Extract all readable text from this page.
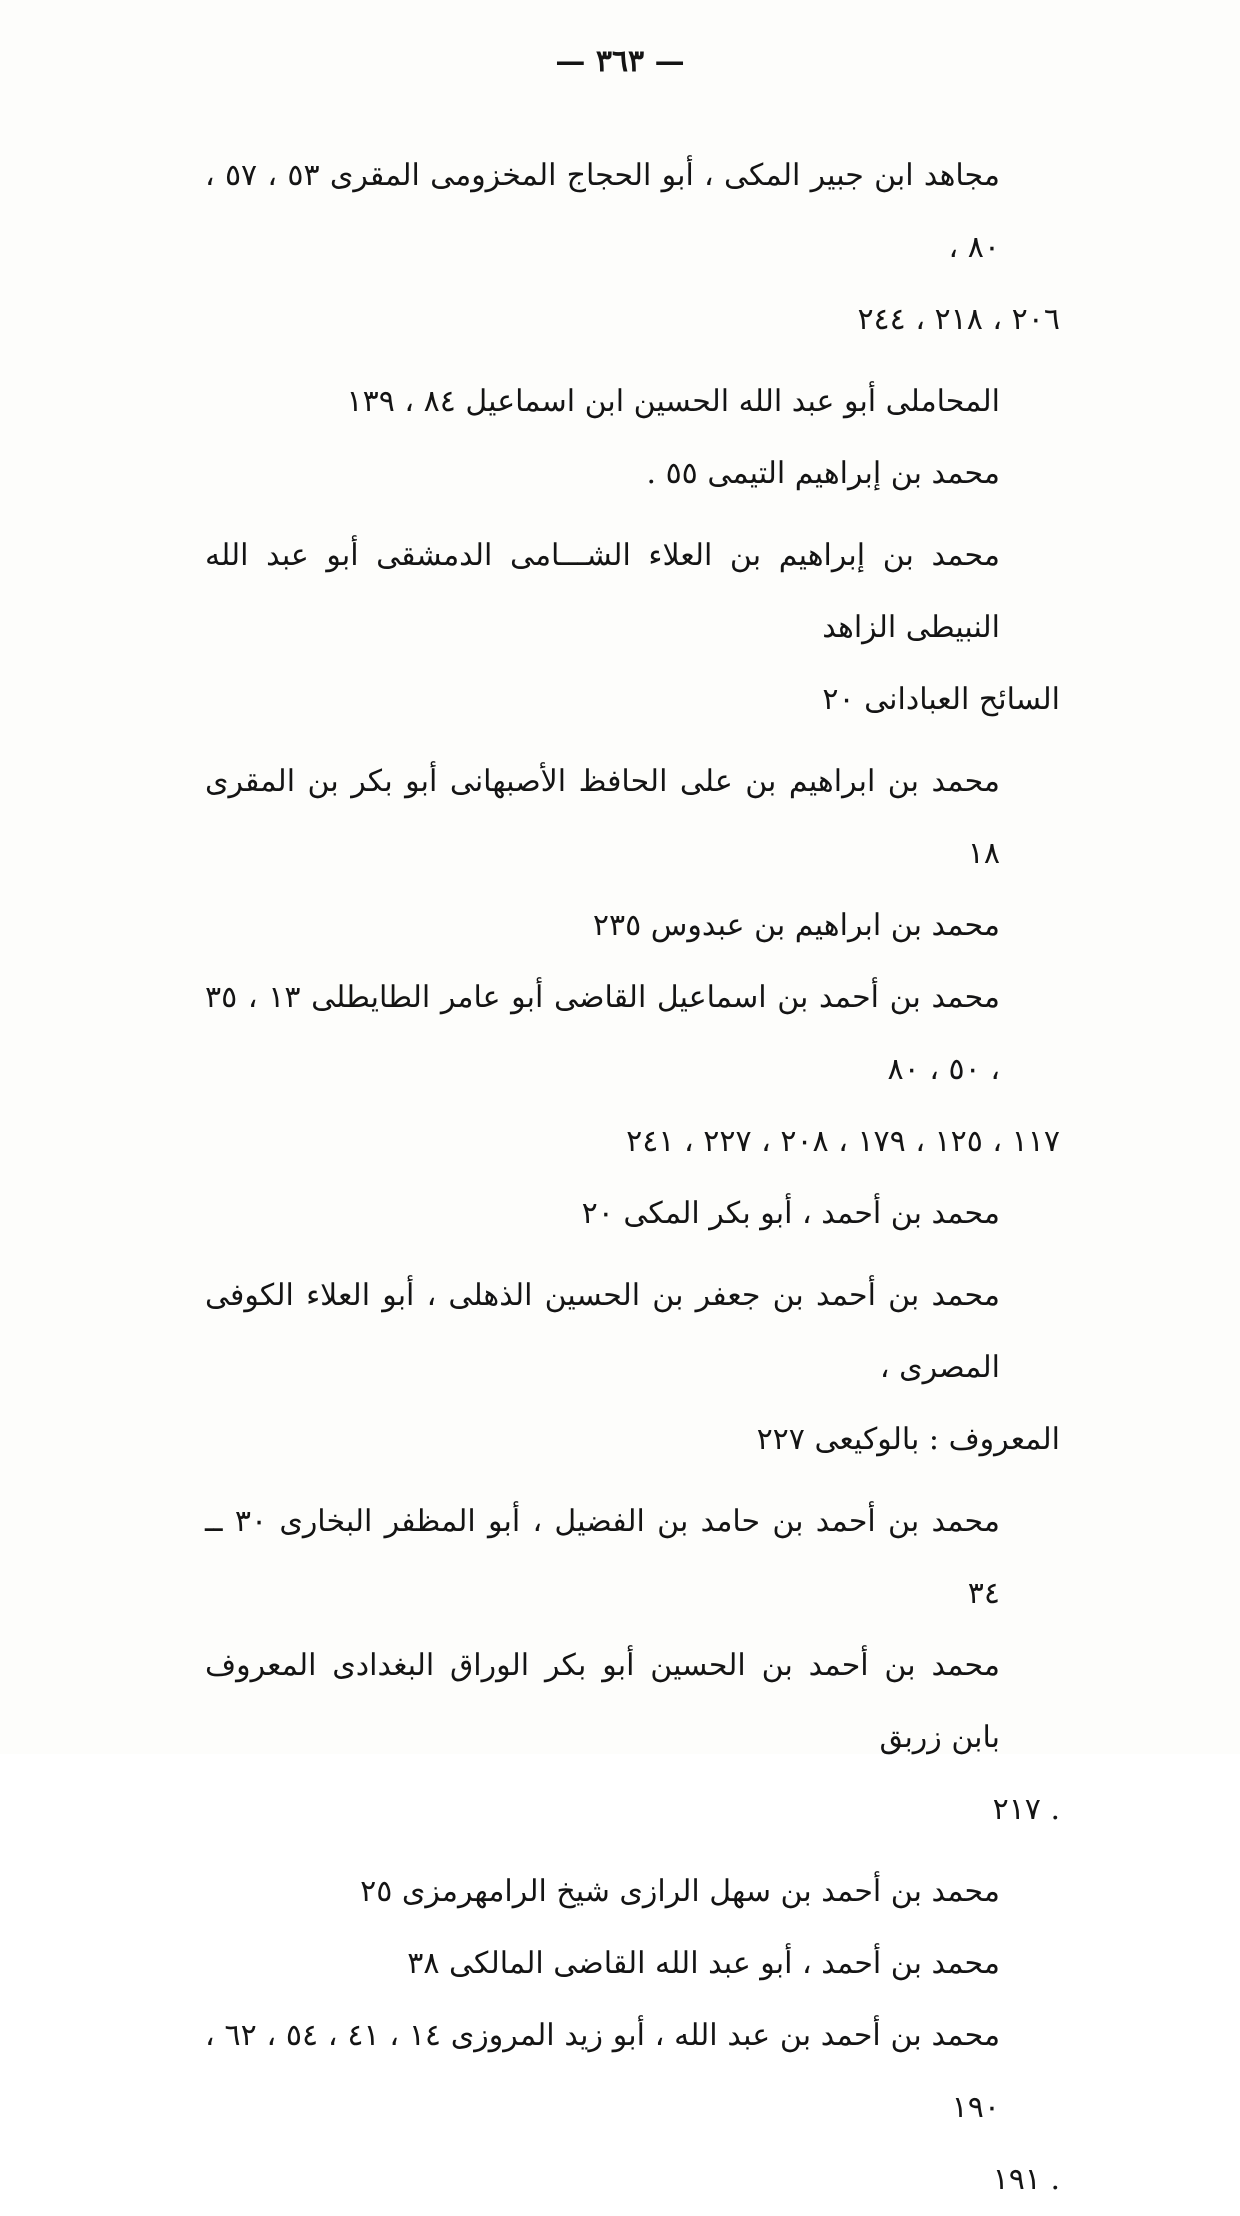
— ٣٦٣ —

مجاهد ابن جبير المكى ، أبو الحجاج المخزومى المقرى ٥٣ ، ٥٧ ، ٨٠ ،
٢٠٦ ، ٢١٨ ، ٢٤٤

المحاملى أبو عبد الله الحسين ابن اسماعيل ٨٤ ، ١٣٩

محمد بن إبراهيم التيمى ٥٥ .

محمد بن إبراهيم بن العلاء الشـــامى الدمشقى أبو عبد الله النبيطى الزاهد
السائح العبادانى ٢٠

محمد بن ابراهيم بن على الحافظ الأصبهانى أبو بكر بن المقرى ١٨

محمد بن ابراهيم بن عبدوس ٢٣٥

محمد بن أحمد بن اسماعيل القاضى أبو عامر الطايطلى ١٣ ، ٣٥ ، ٥٠ ، ٨٠
١١٧ ، ١٢٥ ، ١٧٩ ، ٢٠٨ ، ٢٢٧ ، ٢٤١

محمد بن أحمد ، أبو بكر المكى ٢٠

محمد بن أحمد بن جعفر بن الحسين الذهلى ، أبو العلاء الكوفى المصرى ،
المعروف : بالوكيعى ٢٢٧

محمد بن أحمد بن حامد بن الفضيل ، أبو المظفر البخارى ٣٠ ــ ٣٤

محمد بن أحمد بن الحسين أبو بكر الوراق البغدادى المعروف بابن زربق
. ٢١٧

محمد بن أحمد بن سهل الرازى شيخ الرامهرمزى ٢٥

محمد بن أحمد ، أبو عبد الله القاضى المالكى ٣٨

محمد بن أحمد بن عبد الله ، أبو زيد المروزى ١٤ ، ٤١ ، ٥٤ ، ٦٢ ، ١٩٠
. ١٩١
